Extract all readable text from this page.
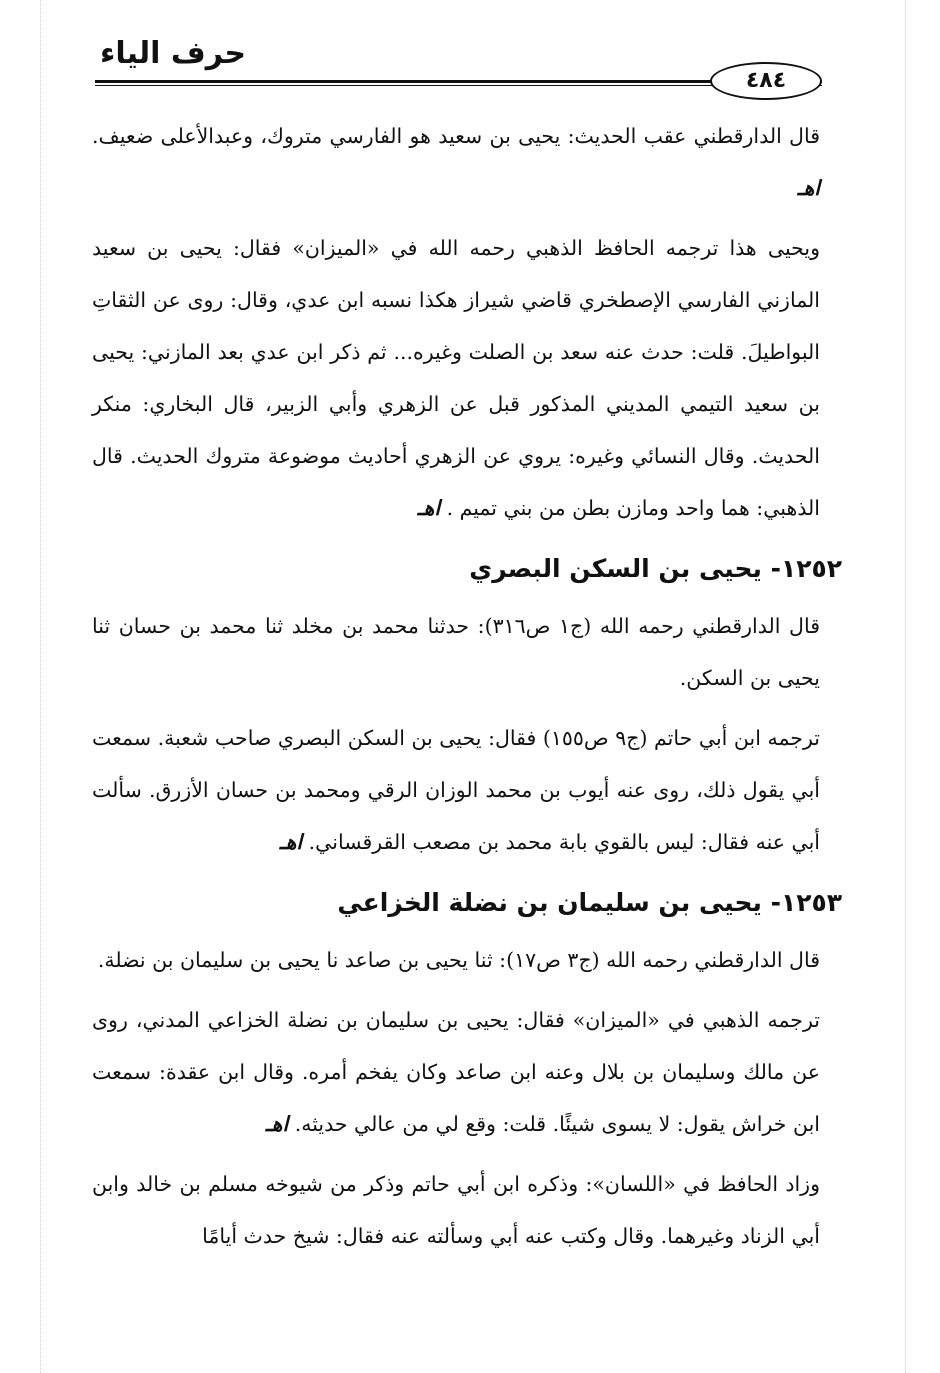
حرف الياء
٤٨٤

قال الدارقطني عقب الحديث: يحيى بن سعيد هو الفارسي متروك، وعبدالأعلى ضعيف. اهـ

ويحيى هذا ترجمه الحافظ الذهبي رحمه الله في «الميزان» فقال: يحيى بن سعيد المازني الفارسي الإصطخري قاضي شيراز هكذا نسبه ابن عدي، وقال: روى عن الثقاتِ البواطيلَ. قلت: حدث عنه سعد بن الصلت وغيره... ثم ذكر ابن عدي بعد المازني: يحيى بن سعيد التيمي المديني المذكور قبل عن الزهري وأبي الزبير، قال البخاري: منكر الحديث. وقال النسائي وغيره: يروي عن الزهري أحاديث موضوعة متروك الحديث. قال الذهبي: هما واحد ومازن بطن من بني تميم . اهـ

١٢٥٢- يحيى بن السكن البصري

قال الدارقطني رحمه الله (ج١ ص٣١٦): حدثنا محمد بن مخلد ثنا محمد بن حسان ثنا يحيى بن السكن.

ترجمه ابن أبي حاتم (ج٩ ص١٥٥) فقال: يحيى بن السكن البصري صاحب شعبة. سمعت أبي يقول ذلك، روى عنه أيوب بن محمد الوزان الرقي ومحمد بن حسان الأزرق. سألت أبي عنه فقال: ليس بالقوي بابة محمد بن مصعب القرقساني. اهـ

١٢٥٣- يحيى بن سليمان بن نضلة الخزاعي

قال الدارقطني رحمه الله (ج٣ ص١٧): ثنا يحيى بن صاعد نا يحيى بن سليمان بن نضلة.

ترجمه الذهبي في «الميزان» فقال: يحيى بن سليمان بن نضلة الخزاعي المدني، روى عن مالك وسليمان بن بلال وعنه ابن صاعد وكان يفخم أمره. وقال ابن عقدة: سمعت ابن خراش يقول: لا يسوى شيئًا. قلت: وقع لي من عالي حديثه. اهـ

وزاد الحافظ في «اللسان»: وذكره ابن أبي حاتم وذكر من شيوخه مسلم بن خالد وابن أبي الزناد وغيرهما. وقال وكتب عنه أبي وسألته عنه فقال: شيخ حدث أيامًا
